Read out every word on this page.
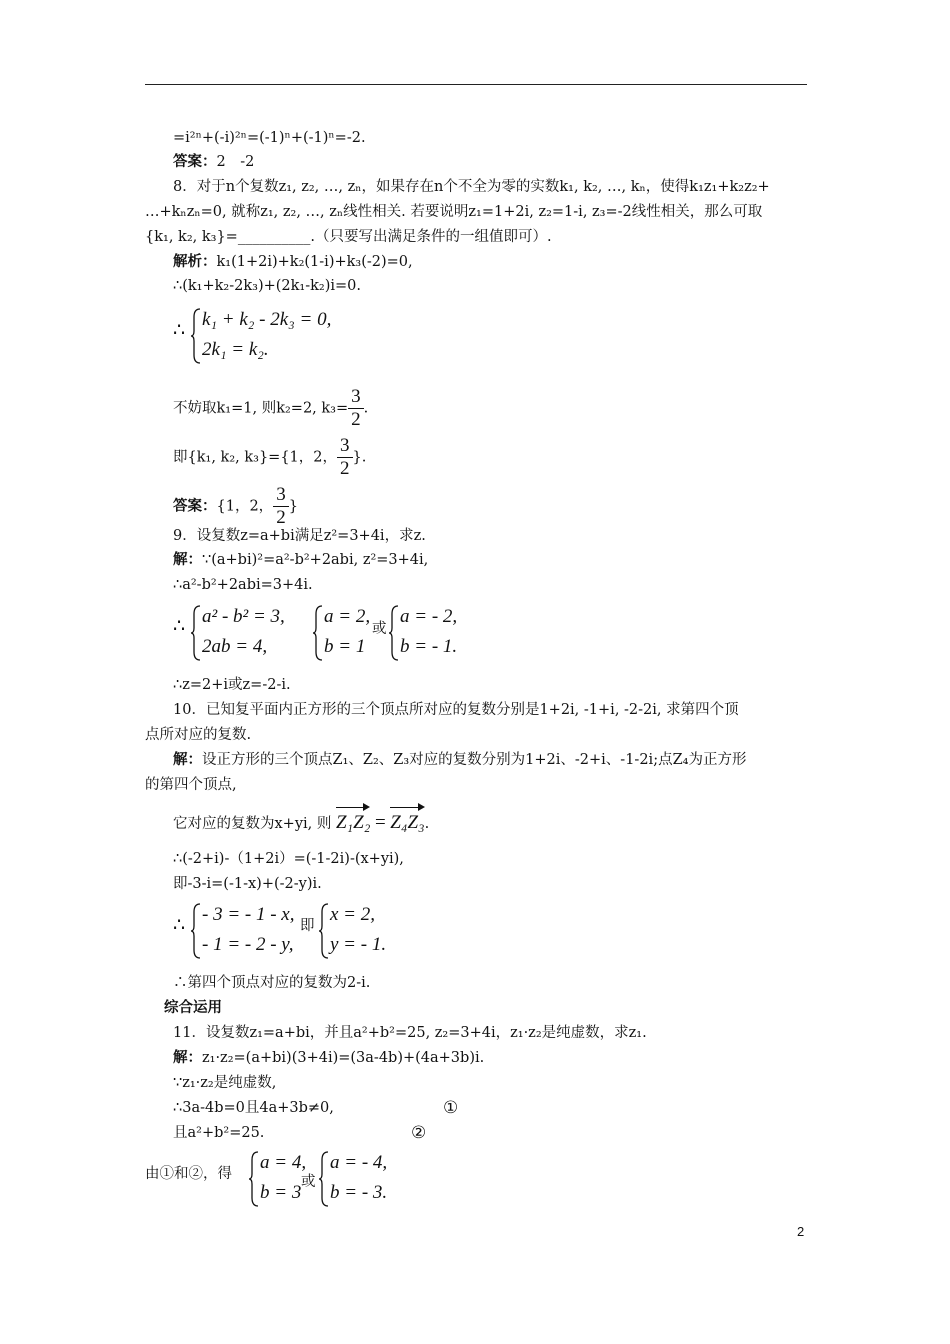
=i²ⁿ+(-i)²ⁿ=(-1)ⁿ+(-1)ⁿ=-2.
答案：2　-2
8．对于n个复数z₁, z₂, …, zₙ，如果存在n个不全为零的实数k₁, k₂, …, kₙ，使得k₁z₁+k₂z₂+
…+kₙzₙ=0, 就称z₁, z₂, …, zₙ线性相关. 若要说明z₁=1+2i, z₂=1-i, z₃=-2线性相关，那么可取
{k₁, k₂, k₃}=__________.（只要写出满足条件的一组值即可）.
解析：k₁(1+2i)+k₂(1-i)+k₃(-2)=0,
∴(k₁+k₂-2k₃)+(2k₁-k₂)i=0.
∴
k₁ + k₂ - 2k₃ = 0,
2k₁ = k₂.
不妨取k₁=1, 则k₂=2, $k_3= \frac{3}{2}$ .
即{k₁, k₂, k₃}={1，2， $\frac{3}{2}$ }.
答案：{1，2， $\frac{3}{2}$ }
9．设复数z=a+bi满足z²=3+4i，求z.
解：∵(a+bi)²=a²-b²+2abi, z²=3+4i,
∴a²-b²+2abi=3+4i.
∴ a² - b² = 3,
2ab = 4,
a = 2,
b = 1
或
a = - 2,
b = - 1.
∴z=2+i或z=-2-i.
10．已知复平面内正方形的三个顶点所对应的复数分别是1+2i, -1+i, -2-2i, 求第四个顶
点所对应的复数.
解：设正方形的三个顶点Z₁、Z₂、Z₃对应的复数分别为1+2i、-2+i、-1-2i;点Z₄为正方形
的第四个顶点,
它对应的复数为x+yi, 则 Z₁Z₂ = Z₄Z₃.
∴(-2+i)-（1+2i）=(-1-2i)-(x+yi),
即-3-i=(-1-x)+(-2-y)i.
∴
- 3 = - 1 - x,
- 1 = - 2 - y,
即
x = 2,
y = - 1.
∴第四个顶点对应的复数为2-i.
综合运用
11．设复数z₁=a+bi，并且a²+b²=25, z₂=3+4i，z₁·z₂是纯虚数，求z₁.
解：z₁·z₂=(a+bi)(3+4i)=(3a-4b)+(4a+3b)i.
∵z₁·z₂是纯虚数,
∴3a-4b=0且4a+3b≠0,	①
且a²+b²=25.	②
由①和②，得
a = 4,
b = 3 或
a = - 4,
b = - 3.
2
